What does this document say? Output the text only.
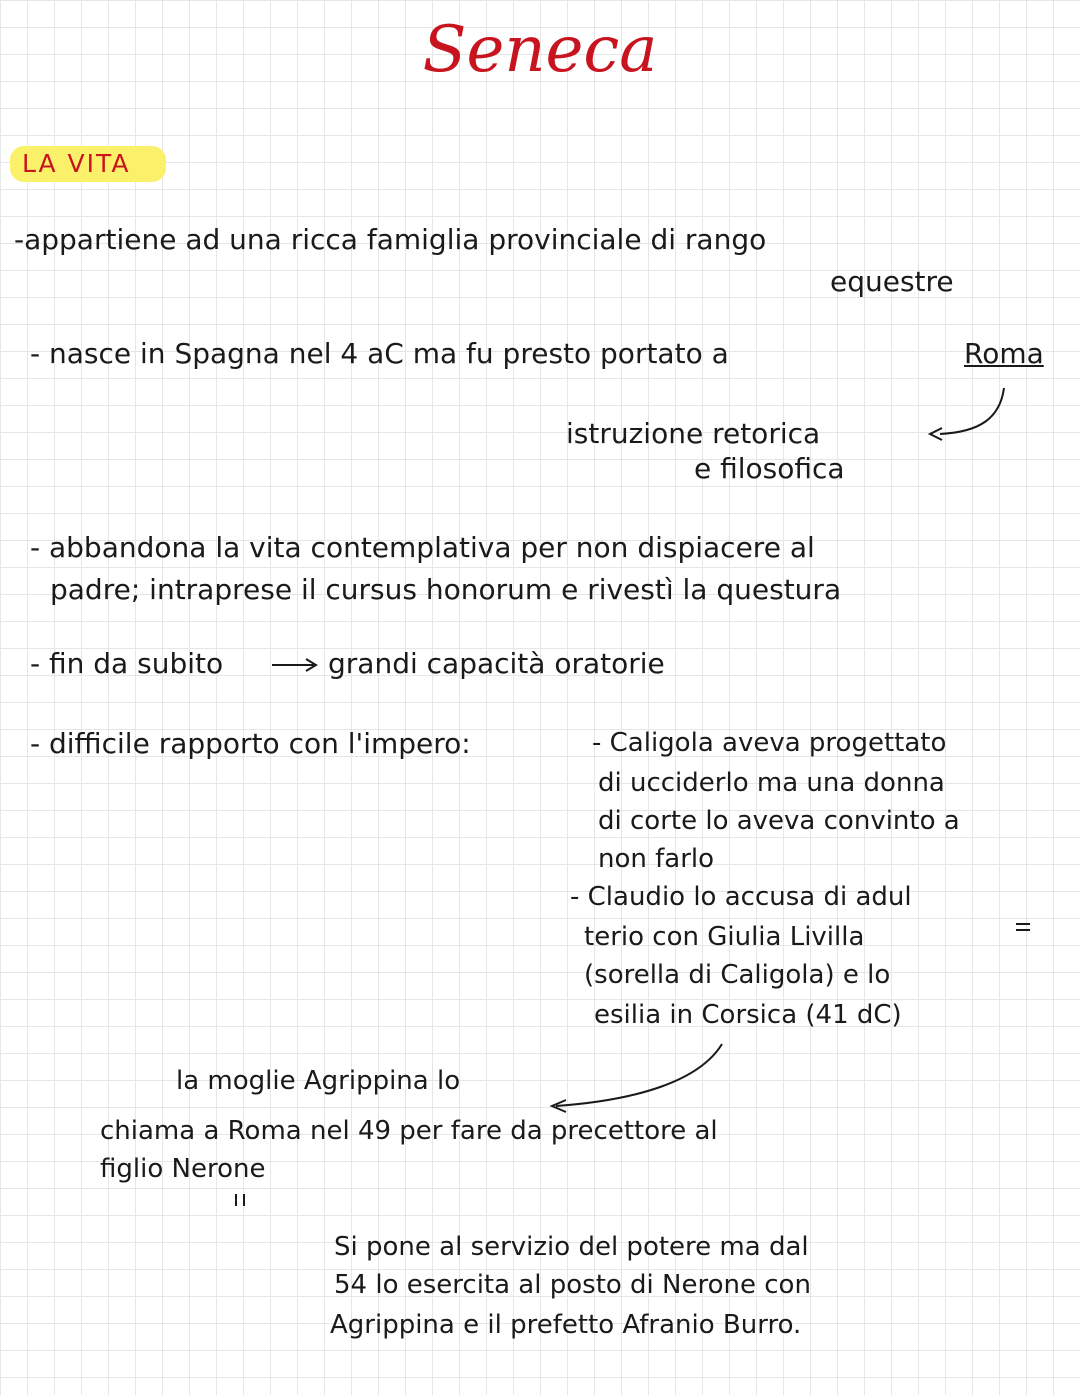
Seneca
LA VITA
-appartiene ad una ricca famiglia provinciale di rango
equestre
- nasce in Spagna nel 4 aC ma fu presto portato a	Roma
istruzione retorica
e filosofica
- abbandona la vita contemplativa per non dispiacere al
padre; intraprese il cursus honorum e rivestì la questura
- fin da subito	grandi capacità oratorie
- difficile rapporto con l'impero:	- Caligola aveva progettato
di ucciderlo ma una donna
di corte lo aveva convinto a
non farlo
- Claudio lo accusa di adul
terio con Giulia Livilla
(sorella di Caligola) e lo
esilia in Corsica (41 dC)
la moglie Agrippina lo
chiama a Roma nel 49 per fare da precettore al
figlio Nerone
Si pone al servizio del potere ma dal
54 lo esercita al posto di Nerone con
Agrippina e il prefetto Afranio Burro.
